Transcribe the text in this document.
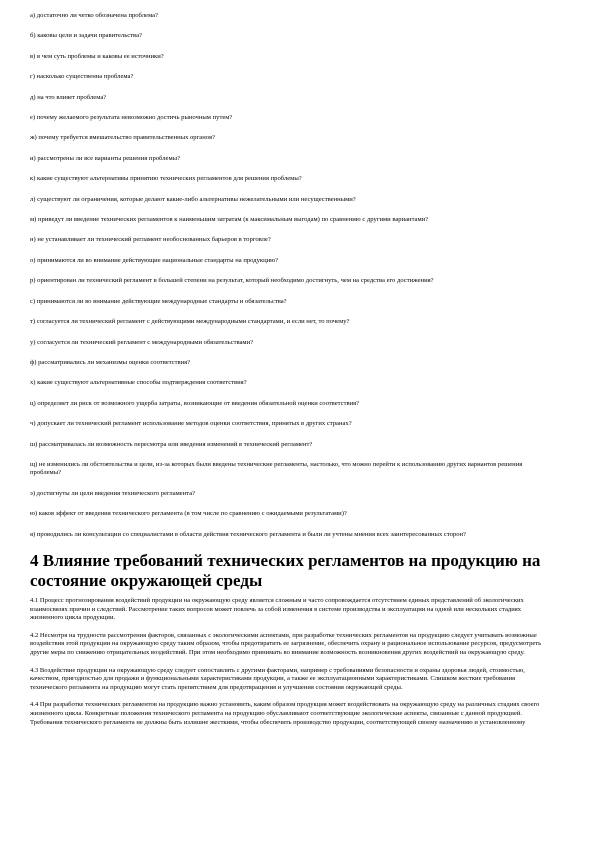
а) достаточно ли четко обозначена проблема?
б) каковы цели и задачи правительства?
в) в чем суть проблемы и каковы ее источники?
г) насколько существенна проблема?
д) на что влияет проблема?
е) почему желаемого результата невозможно достичь рыночным путем?
ж) почему требуется вмешательство правительственных органов?
и) рассмотрены ли все варианты решения проблемы?
к) какие существуют альтернативы принятию технических регламентов для решения проблемы?
л) существуют ли ограничения, которые делают какие-либо альтернативы нежелательными или несущественными?
м) приведут ли введение технических регламентов к наименьшим затратам (к максимальным выгодам) по сравнению с другими вариантами?
н) не устанавливает ли технический регламент необоснованных барьеров в торговле?
о) принимаются ли во внимание действующие национальные стандарты на продукцию?
р) ориентирован ли технический регламент в большей степени на результат, который необходимо достигнуть, чем на средства его достижения?
с) принимаются ли во внимание действующие международные стандарты и обязательства?
т) согласуется ли технический регламент с действующими международными стандартами, и если нет, то почему?
у) согласуется ли технический регламент с международными обязательствами?
ф) рассматривались ли механизмы оценки соответствия?
х) какие существуют альтернативные способы подтверждения соответствия?
ц) определяет ли риск от возможного ущерба затраты, возникающие от введения обязательной оценки соответствия?
ч) допускает ли технический регламент использование методов оценки соответствия, принятых в других странах?
ш) рассматривалась ли возможность пересмотра или введения изменений в технический регламент?
щ) не изменились ли обстоятельства и цели, из-за которых были введены технические регламенты, настолько, что можно перейти к использованию других вариантов решения проблемы?
э) достигнуты ли цели введения технического регламента?
ю) каков эффект от введения технического регламента (в том числе по сравнению с ожидаемыми результатами)?
я) проводились ли консультации со специалистами в области действия технического регламента и были ли учтены мнения всех заинтересованных сторон?
4 Влияние требований технических регламентов на продукцию на состояние окружающей среды

4.1 Процесс прогнозирования воздействий продукции на окружающую среду является сложным и часто сопровождается отсутствием единых представлений об экологических взаимосвязях причин и следствий. Рассмотрение таких вопросов может повлечь за собой изменения в системе производства и эксплуатации на одной или нескольких стадиях жизненного цикла продукции.

4.2 Несмотря на трудности рассмотрения факторов, связанных с экологическими аспектами, при разработке технических регламентов на продукцию следует учитывать возможные воздействия этой продукции на окружающую среду таким образом, чтобы предотвратить ее загрязнение, обеспечить охрану и рациональное использование ресурсов, предусмотреть другие меры по снижению отрицательных воздействий. При этом необходимо принимать во внимание возможность возникновения других воздействий на окружающую среду.

4.3 Воздействие продукции на окружающую среду следует сопоставлять с другими факторами, например с требованиями безопасности и охраны здоровья людей, стоимостью, качеством, пригодностью для продажи и функциональными характеристиками продукции, а также ее эксплуатационными характеристиками. Слишком жесткие требования технического регламента на продукцию могут стать препятствием для предотвращения и улучшения состояния окружающей среды.

4.4 При разработке технических регламентов на продукцию важно установить, каким образом продукция может воздействовать на окружающую среду на различных стадиях своего жизненного цикла. Конкретные положения технического регламента на продукцию обуславливают соответствующие экологические аспекты, связанные с данной продукцией. Требования технического регламента не должны быть излишне жесткими, чтобы обеспечить производство продукции, соответствующей своему назначению и установленному
